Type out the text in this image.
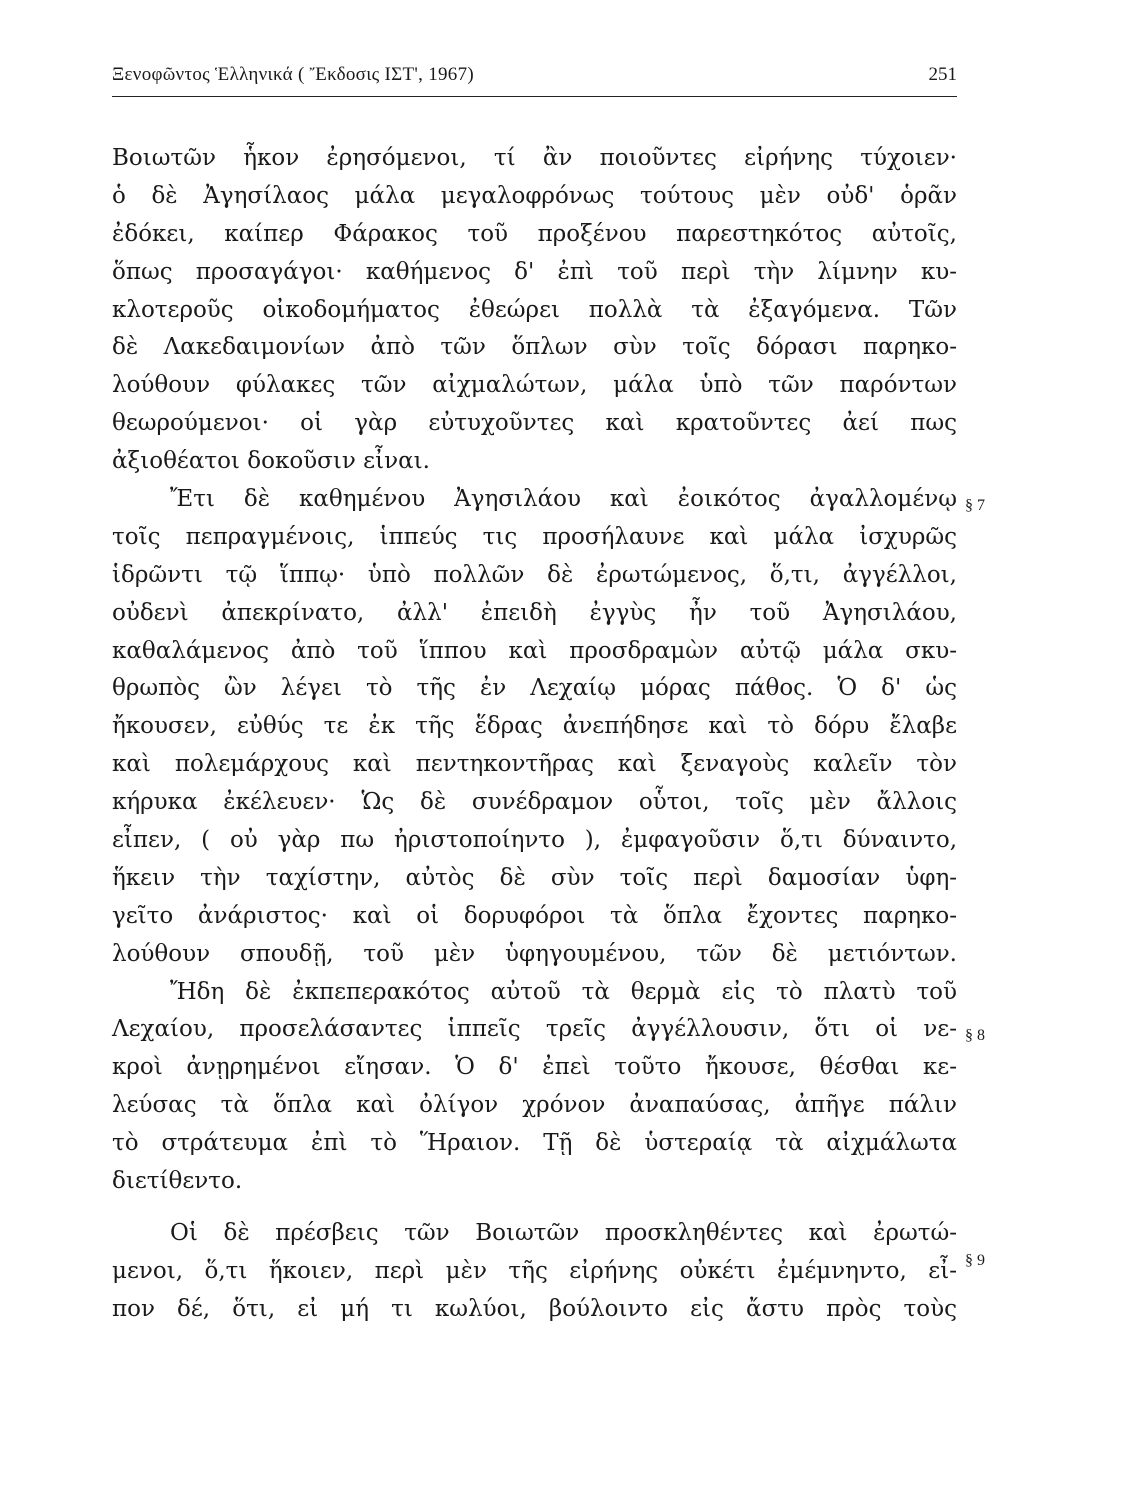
Ξενοφῶντος Ἑλληνικά ( Ἔκδοσις ΙΣΤ', 1967)	251
Βοιωτῶν ἧκον ἐρησόμενοι, τί ἂν ποιοῦντες εἰρήνης τύχοιεν·
ὁ δὲ Ἀγησίλαος μάλα μεγαλοφρόνως τούτους μὲν οὐδ' ὁρᾶν
ἐδόκει, καίπερ Φάρακος τοῦ προξένου παρεστηκότος αὐτοῖς,
ὅπως προσαγάγοι· καθήμενος δ' ἐπὶ τοῦ περὶ τὴν λίμνην κυ-
κλοτεροῦς οἰκοδομήματος ἐθεώρει πολλὰ τὰ ἐξαγόμενα. Τῶν
δὲ Λακεδαιμονίων ἀπὸ τῶν ὅπλων σὺν τοῖς δόρασι παρηκο-
λούθουν φύλακες τῶν αἰχμαλώτων, μάλα ὑπὸ τῶν παρόντων
θεωρούμενοι· οἱ γὰρ εὐτυχοῦντες καὶ κρατοῦντες ἀεί πως
ἀξιοθέατοι δοκοῦσιν εἶναι.
Ἔτι δὲ καθημένου Ἀγησιλάου καὶ ἐοικότος ἀγαλλομένῳ
τοῖς πεπραγμένοις, ἱππεύς τις προσήλαυνε καὶ μάλα ἰσχυρῶς
ἱδρῶντι τῷ ἵππῳ· ὑπὸ πολλῶν δὲ ἐρωτώμενος, ὅ,τι, ἀγγέλλοι,
οὐδενὶ ἀπεκρίνατο, ἀλλ' ἐπειδὴ ἐγγὺς ἦν τοῦ Ἀγησιλάου,
καθαλάμενος ἀπὸ τοῦ ἵππου καὶ προσδραμὼν αὐτῷ μάλα σκυ-
θρωπὸς ὢν λέγει τὸ τῆς ἐν Λεχαίῳ μόρας πάθος. Ὁ δ' ὡς
ἤκουσεν, εὐθύς τε ἐκ τῆς ἕδρας ἀνεπήδησε καὶ τὸ δόρυ ἔλαβε
καὶ πολεμάρχους καὶ πεντηκοντῆρας καὶ ξεναγοὺς καλεῖν τὸν
κήρυκα ἐκέλευεν· Ὡς δὲ συνέδραμον οὗτοι, τοῖς μὲν ἄλλοις
εἶπεν, ( οὐ γὰρ πω ἠριστοποίηντο ), ἐμφαγοῦσιν ὅ,τι δύναιντο,
ἥκειν τὴν ταχίστην, αὐτὸς δὲ σὺν τοῖς περὶ δαμοσίαν ὑφη-
γεῖτο ἀνάριστος· καὶ οἱ δορυφόροι τὰ ὅπλα ἔχοντες παρηκο-
λούθουν σπουδῇ, τοῦ μὲν ὑφηγουμένου, τῶν δὲ μετιόντων.
Ἤδη δὲ ἐκπεπερακότος αὐτοῦ τὰ θερμὰ εἰς τὸ πλατὺ τοῦ
Λεχαίου, προσελάσαντες ἱππεῖς τρεῖς ἀγγέλλουσιν, ὅτι οἱ νε-
κροὶ ἀνῃρημένοι εἴησαν. Ὁ δ' ἐπεὶ τοῦτο ἤκουσε, θέσθαι κε-
λεύσας τὰ ὅπλα καὶ ὀλίγον χρόνον ἀναπαύσας, ἀπῆγε πάλιν
τὸ στράτευμα ἐπὶ τὸ Ἥραιον. Τῇ δὲ ὑστεραίᾳ τὰ αἰχμάλωτα
διετίθεντο.
Οἱ δὲ πρέσβεις τῶν Βοιωτῶν προσκληθέντες καὶ ἐρωτώ-
μενοι, ὅ,τι ἥκοιεν, περὶ μὲν τῆς εἰρήνης οὐκέτι ἐμέμνηντο, εἶ-
πον δέ, ὅτι, εἰ μή τι κωλύοι, βούλοιντο εἰς ἄστυ πρὸς τοὺς
§ 7
§ 8
§ 9
